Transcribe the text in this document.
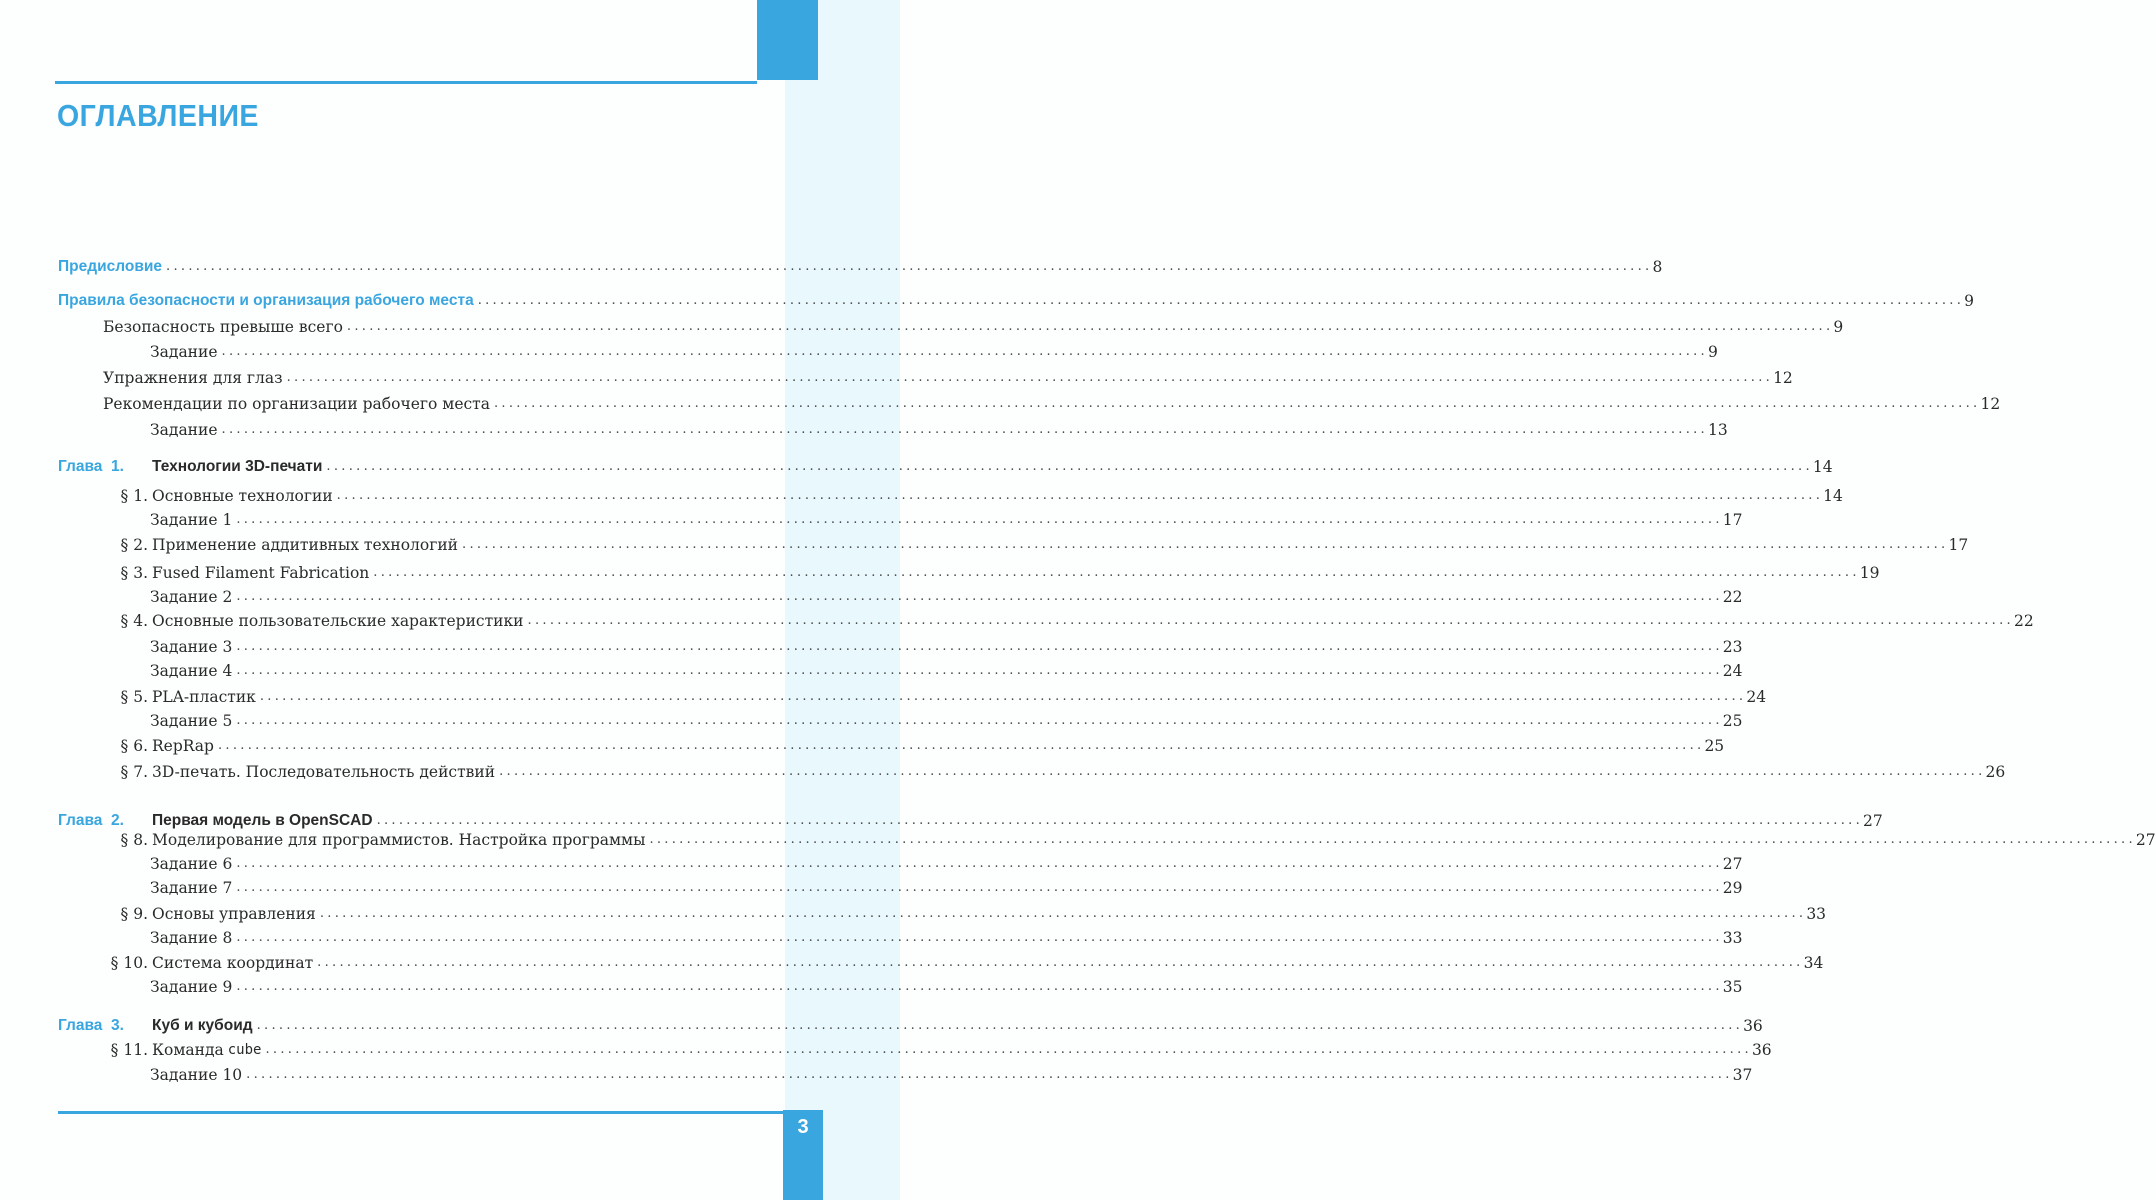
ОГЛАВЛЕНИЕ
Предисловие ........................................................................................................................................................................................................ 8
Правила безопасности и организация рабочего места ........................................................................................................................................................................................................ 9
Безопасность превыше всего ........................................................................................................................................................................................................ 9
Задание ........................................................................................................................................................................................................ 9
Упражнения для глаз ........................................................................................................................................................................................................ 12
Рекомендации по организации рабочего места ........................................................................................................................................................................................................ 12
Задание ........................................................................................................................................................................................................ 13
Глава  1. Технологии 3D-печати ........................................................................................................................................................................................................ 14
§ 1. Основные технологии ........................................................................................................................................................................................................ 14
Задание 1 ........................................................................................................................................................................................................ 17
§ 2. Применение аддитивных технологий ........................................................................................................................................................................................................ 17
§ 3. Fused Filament Fabrication ........................................................................................................................................................................................................ 19
Задание 2 ........................................................................................................................................................................................................ 22
§ 4. Основные пользовательские характеристики ........................................................................................................................................................................................................ 22
Задание 3 ........................................................................................................................................................................................................ 23
Задание 4 ........................................................................................................................................................................................................ 24
§ 5. PLA-пластик ........................................................................................................................................................................................................ 24
Задание 5 ........................................................................................................................................................................................................ 25
§ 6. RepRap ........................................................................................................................................................................................................ 25
§ 7. 3D-печать. Последовательность действий ........................................................................................................................................................................................................ 26
Глава  2. Первая модель в OpenSCAD ........................................................................................................................................................................................................ 27
§ 8. Моделирование для программистов. Настройка программы ........................................................................................................................................................................................................ 27
Задание 6 ........................................................................................................................................................................................................ 27
Задание 7 ........................................................................................................................................................................................................ 29
§ 9. Основы управления ........................................................................................................................................................................................................ 33
Задание 8 ........................................................................................................................................................................................................ 33
§ 10. Система координат ........................................................................................................................................................................................................ 34
Задание 9 ........................................................................................................................................................................................................ 35
Глава  3. Куб и кубоид ........................................................................................................................................................................................................ 36
§ 11. Команда cube ........................................................................................................................................................................................................ 36
Задание 10 ........................................................................................................................................................................................................ 37
3
